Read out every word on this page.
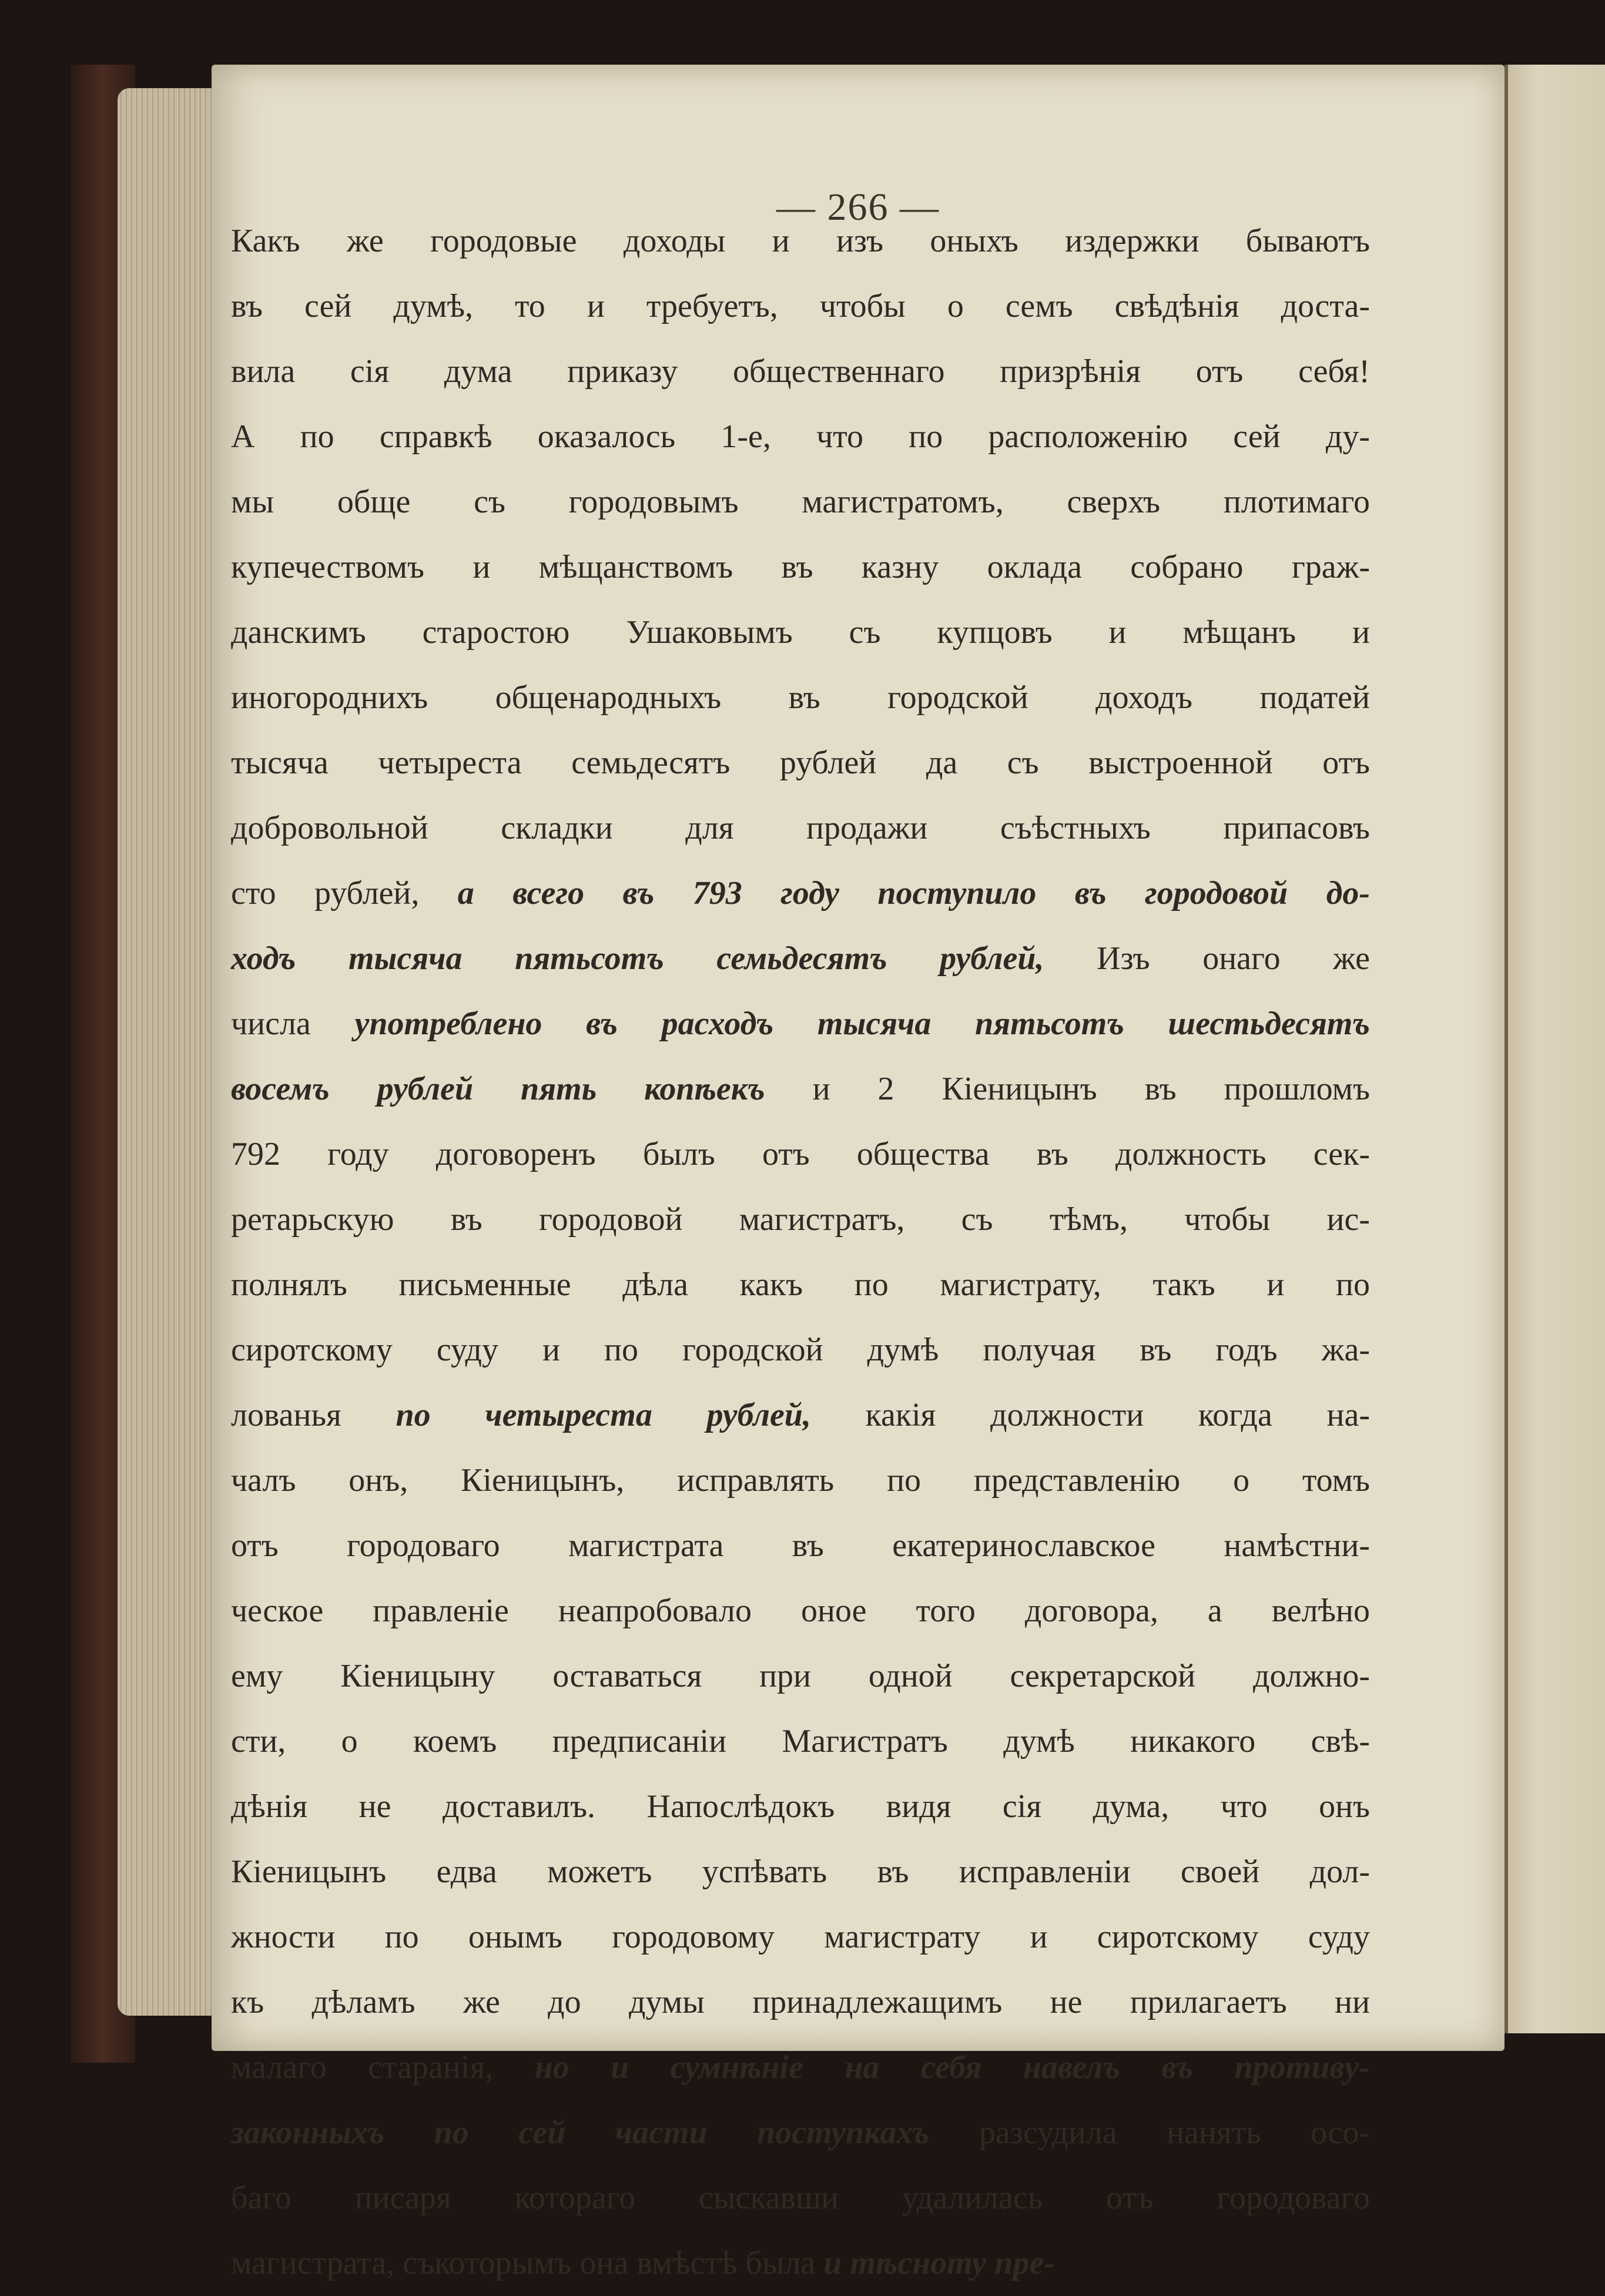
— 266 —
Какъ же городовые доходы и изъ оныхъ издержки бываютъ
въ сей думѣ, то и требуетъ, чтобы о семъ свѣдѣнія доста-
вила сія дума приказу общественнаго призрѣнія отъ себя!
А по справкѣ оказалось 1-е, что по расположенію сей ду-
мы обще съ городовымъ магистратомъ, сверхъ плотимаго
купечествомъ и мѣщанствомъ въ казну оклада собрано граж-
данскимъ старостою Ушаковымъ съ купцовъ и мѣщанъ и
иногороднихъ общенародныхъ въ городской доходъ податей
тысяча четыреста семьдесятъ рублей да съ выстроенной отъ
добровольной складки для продажи съѣстныхъ припасовъ
сто рублей, а всего въ 793 году поступило въ городовой до-
ходъ тысяча пятьсотъ семьдесятъ рублей, Изъ онаго же
числа употреблено въ расходъ тысяча пятьсотъ шестьдесятъ
восемъ рублей пять копѣекъ и 2 Кіеницынъ въ прошломъ
792 году договоренъ былъ отъ общества въ должность сек-
ретарьскую въ городовой магистратъ, съ тѣмъ, чтобы ис-
полнялъ письменные дѣла какъ по магистрату, такъ и по
сиротскому суду и по городской думѣ получая въ годъ жа-
лованья по четыреста рублей, какія должности когда на-
чалъ онъ, Кіеницынъ, исправлять по представленію о томъ
отъ городоваго магистрата въ екатеринославское намѣстни-
ческое правленіе неапробовало оное того договора, а велѣно
ему Кіеницыну оставаться при одной секретарской должно-
сти, о коемъ предписаніи Магистратъ думѣ никакого свѣ-
дѣнія не доставилъ. Напослѣдокъ видя сія дума, что онъ
Кіеницынъ едва можетъ успѣвать въ исправленіи своей дол-
жности по онымъ городовому магистрату и сиротскому суду
къ дѣламъ же до думы принадлежащимъ не прилагаетъ ни
малаго старанія, но и сумнѣніе на себя навелъ въ противу-
законныхъ по сей части поступкахъ разсудила нанять осо-
баго писаря котораго сыскавши удалилась отъ городоваго
магистрата, съкоторымъ она вмѣстѣ была и тѣсноту пре-
